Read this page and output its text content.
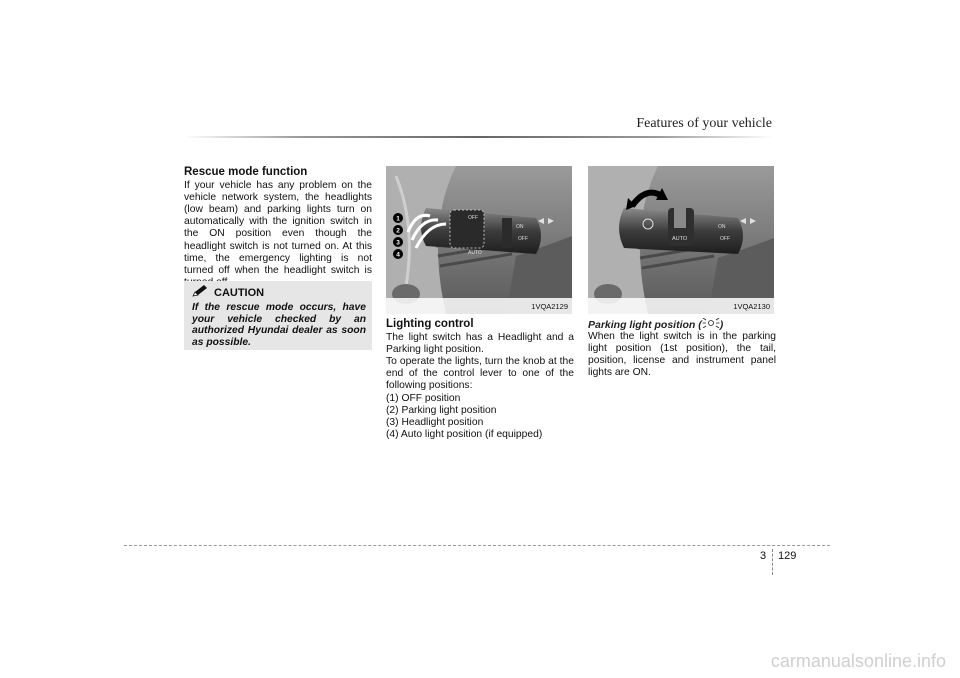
Features of your vehicle
Rescue mode function

If your vehicle has any problem on the vehicle network system, the headlights (low beam) and parking lights turn on automatically with the ignition switch in the ON position even though the headlight switch is not turned on. At this time, the emergency lighting is not turned off when the headlight switch is

CAUTION
If the rescue mode occurs, have your vehicle checked by an authorized Hyundai dealer as soon as possible.
OFF
AUTO
ON
OFF
1
2
3
4
1VQA2129
AUTO
ON
OFF
1VQA2130
Lighting control

The light switch has a Headlight and a Parking light position.

To operate the lights, turn the knob at the end of the control lever to one of the following positions:

(1) OFF position
(2) Parking light position
(3) Headlight position
(4) Auto light position (if equipped)
Parking light position ( )

When the light switch is in the parking light position (1st position), the tail, position, license and instrument panel lights are ON.

3 129
carmanualsonline.info
